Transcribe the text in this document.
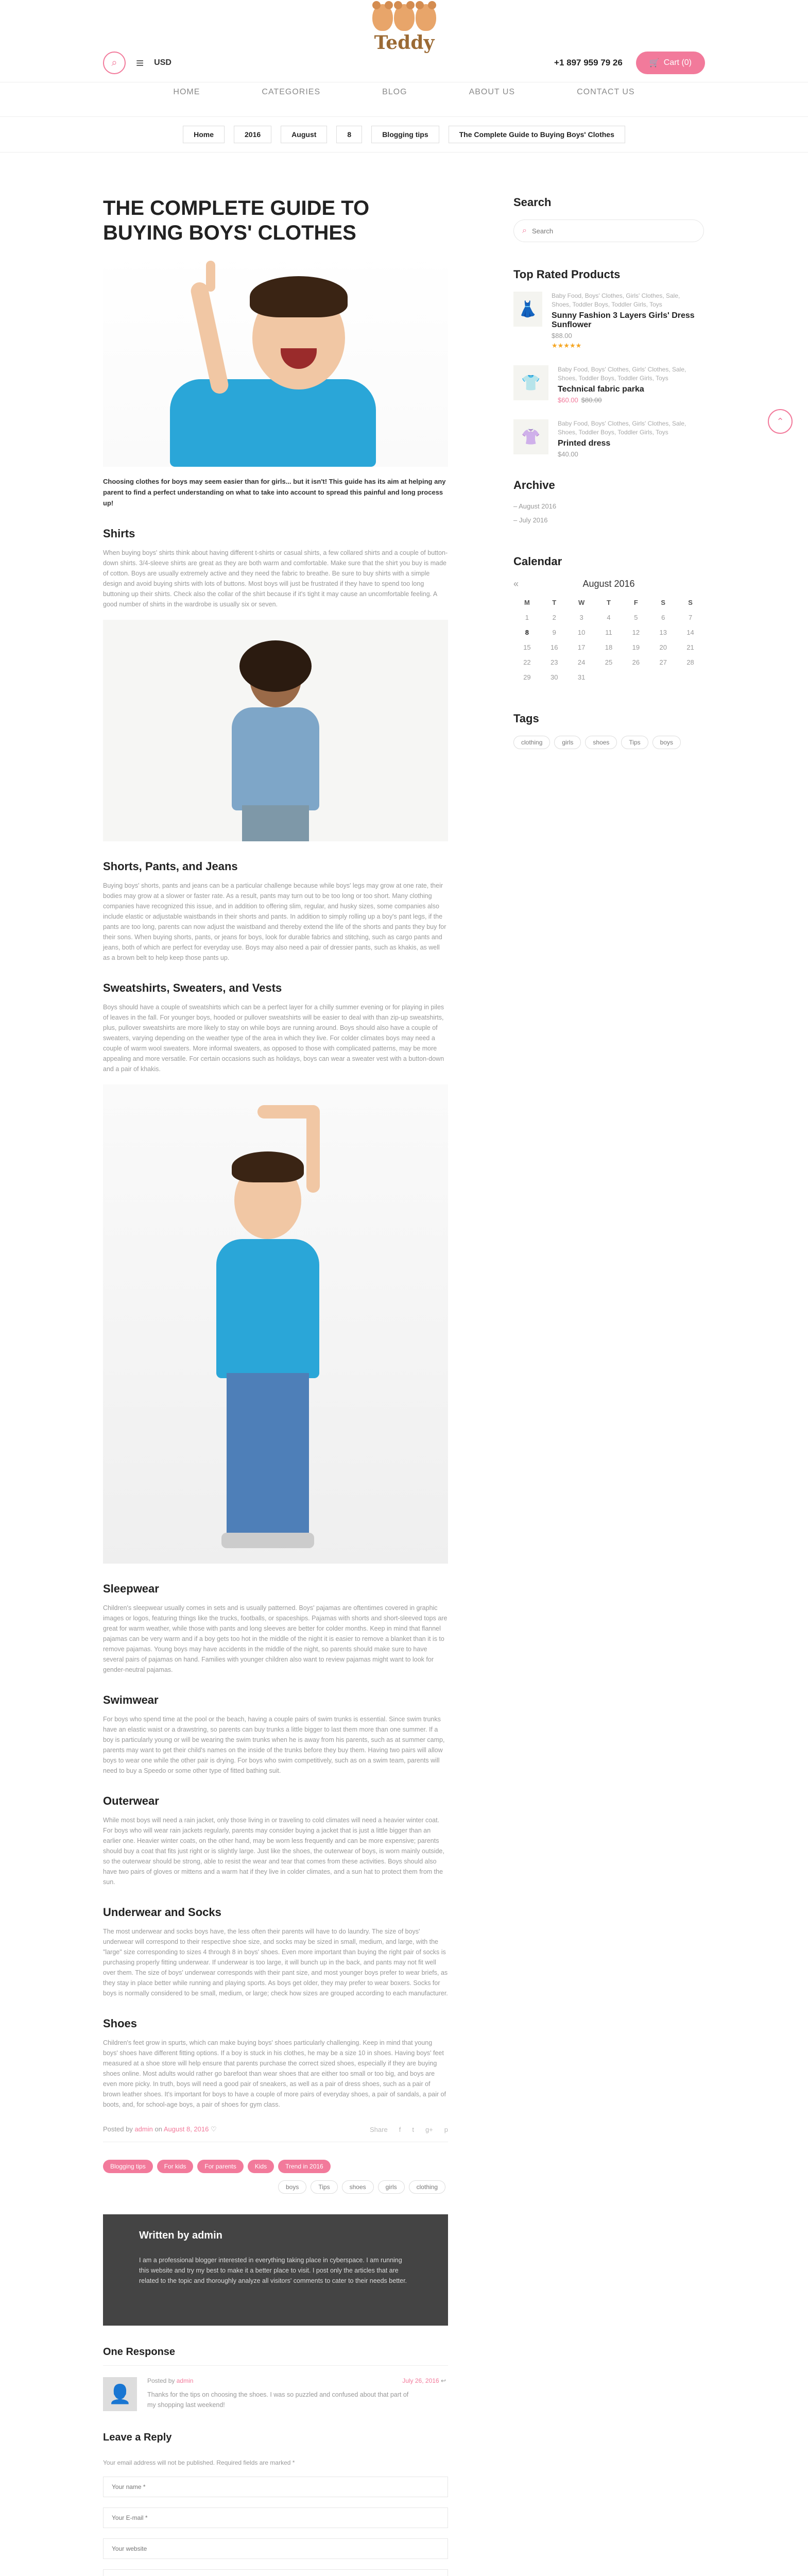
⌕	≡ USD
Teddy
+1 897 959 79 26	🛒 Cart (0)
HOME	CATEGORIES	BLOG	ABOUT US	CONTACT US
Home	2016	August	8	Blogging tips	The Complete Guide to Buying Boys' Clothes
THE COMPLETE GUIDE TO BUYING BOYS' CLOTHES

Choosing clothes for boys may seem easier than for girls... but it isn't! This guide has its aim at helping any parent to find a perfect understanding on what to take into account to spread this painful and long process up!

Shirts

When buying boys' shirts think about having different t-shirts or casual shirts, a few collared shirts and a couple of button-down shirts. 3/4-sleeve shirts are great as they are both warm and comfortable. Make sure that the shirt you buy is made of cotton. Boys are usually extremely active and they need the fabric to breathe. Be sure to buy shirts with a simple design and avoid buying shirts with lots of buttons. Most boys will just be frustrated if they have to spend too long buttoning up their shirts. Check also the collar of the shirt because if it's tight it may cause an uncomfortable feeling. A good number of shirts in the wardrobe is usually six or seven.

Shorts, Pants, and Jeans

Buying boys' shorts, pants and jeans can be a particular challenge because while boys' legs may grow at one rate, their bodies may grow at a slower or faster rate. As a result, pants may turn out to be too long or too short. Many clothing companies have recognized this issue, and in addition to offering slim, regular, and husky sizes, some companies also include elastic or adjustable waistbands in their shorts and pants. In addition to simply rolling up a boy's pant legs, if the pants are too long, parents can now adjust the waistband and thereby extend the life of the shorts and pants they buy for their sons. When buying shorts, pants, or jeans for boys, look for durable fabrics and stitching, such as cargo pants and jeans, both of which are perfect for everyday use. Boys may also need a pair of dressier pants, such as khakis, as well as a brown belt to help keep those pants up.

Sweatshirts, Sweaters, and Vests

Boys should have a couple of sweatshirts which can be a perfect layer for a chilly summer evening or for playing in piles of leaves in the fall. For younger boys, hooded or pullover sweatshirts will be easier to deal with than zip-up sweatshirts, plus, pullover sweatshirts are more likely to stay on while boys are running around. Boys should also have a couple of sweaters, varying depending on the weather type of the area in which they live. For colder climates boys may need a couple of warm wool sweaters. More informal sweaters, as opposed to those with complicated patterns, may be more appealing and more versatile. For certain occasions such as holidays, boys can wear a sweater vest with a button-down and a pair of khakis.

Sleepwear

Children's sleepwear usually comes in sets and is usually patterned. Boys' pajamas are oftentimes covered in graphic images or logos, featuring things like the trucks, footballs, or spaceships. Pajamas with shorts and short-sleeved tops are great for warm weather, while those with pants and long sleeves are better for colder months. Keep in mind that flannel pajamas can be very warm and if a boy gets too hot in the middle of the night it is easier to remove a blanket than it is to remove pajamas. Young boys may have accidents in the middle of the night, so parents should make sure to have several pairs of pajamas on hand. Families with younger children also want to review pajamas might want to look for gender-neutral pajamas.

Swimwear

For boys who spend time at the pool or the beach, having a couple pairs of swim trunks is essential. Since swim trunks have an elastic waist or a drawstring, so parents can buy trunks a little bigger to last them more than one summer. If a boy is particularly young or will be wearing the swim trunks when he is away from his parents, such as at summer camp, parents may want to get their child's names on the inside of the trunks before they buy them. Having two pairs will allow boys to wear one while the other pair is drying. For boys who swim competitively, such as on a swim team, parents will need to buy a Speedo or some other type of fitted bathing suit.

Outerwear

While most boys will need a rain jacket, only those living in or traveling to cold climates will need a heavier winter coat. For boys who will wear rain jackets regularly, parents may consider buying a jacket that is just a little bigger than an earlier one. Heavier winter coats, on the other hand, may be worn less frequently and can be more expensive; parents should buy a coat that fits just right or is slightly large. Just like the shoes, the outerwear of boys, is worn mainly outside, so the outerwear should be strong, able to resist the wear and tear that comes from these activities. Boys should also have two pairs of gloves or mittens and a warm hat if they live in colder climates, and a sun hat to protect them from the sun.

Underwear and Socks

The most underwear and socks boys have, the less often their parents will have to do laundry. The size of boys' underwear will correspond to their respective shoe size, and socks may be sized in small, medium, and large, with the "large" size corresponding to sizes 4 through 8 in boys' shoes. Even more important than buying the right pair of socks is purchasing properly fitting underwear. If underwear is too large, it will bunch up in the back, and pants may not fit well over them. The size of boys' underwear corresponds with their pant size, and most younger boys prefer to wear briefs, as they stay in place better while running and playing sports. As boys get older, they may prefer to wear boxers. Socks for boys is normally considered to be small, medium, or large; check how sizes are grouped according to each manufacturer.

Shoes

Children's feet grow in spurts, which can make buying boys' shoes particularly challenging. Keep in mind that young boys' shoes have different fitting options. If a boy is stuck in his clothes, he may be a size 10 in shoes. Having boys' feet measured at a shoe store will help ensure that parents purchase the correct sized shoes, especially if they are buying shoes online. Most adults would rather go barefoot than wear shoes that are either too small or too big, and boys are even more picky. In truth, boys will need a good pair of sneakers, as well as a pair of dress shoes, such as a pair of brown leather shoes. It's important for boys to have a couple of more pairs of everyday shoes, a pair of sandals, a pair of boots, and, for school-age boys, a pair of shoes for gym class.

Posted by admin on August 8, 2016 ♡	Share f t g+ p
Blogging tips	For kids	For parents	Kids	Trend in 2016
boys	Tips	shoes	girls	clothing
Written by admin

I am a professional blogger interested in everything taking place in cyberspace. I am running this website and try my best to make it a better place to visit. I post only the articles that are related to the topic and thoroughly analyze all visitors' comments to cater to their needs better.

One Response
👤
Posted by admin	July 26, 2016 ↩

Thanks for the tips on choosing the shoes. I was so puzzled and confused about that part of my shopping last weekend!

Leave a Reply

Your email address will not be published. Required fields are marked *

Your name *
Your E-mail *
Your website
Comment *
Search
⌕
Search
Top Rated Products
👗
Baby Food, Boys' Clothes, Girls' Clothes, Sale, Shoes, Toddler Boys, Toddler Girls, Toys
Sunny Fashion 3 Layers Girls' Dress Sunflower
$88.00
★★★★★
👕
Baby Food, Boys' Clothes, Girls' Clothes, Sale, Shoes, Toddler Boys, Toddler Girls, Toys
Technical fabric parka
$60.00 $80.00
👚
Baby Food, Boys' Clothes, Girls' Clothes, Sale, Shoes, Toddler Boys, Toddler Girls, Toys
Printed dress
$40.00
Archive
– August 2016
– July 2016
Calendar
«	August 2016
M	T	W	T	F	S	S
1	2	3	4	5	6	7
8	9	10	11	12	13	14
15	16	17	18	19	20	21
22	23	24	25	26	27	28
29	30	31
Tags
clothing	girls	shoes	Tips	boys
⌃
